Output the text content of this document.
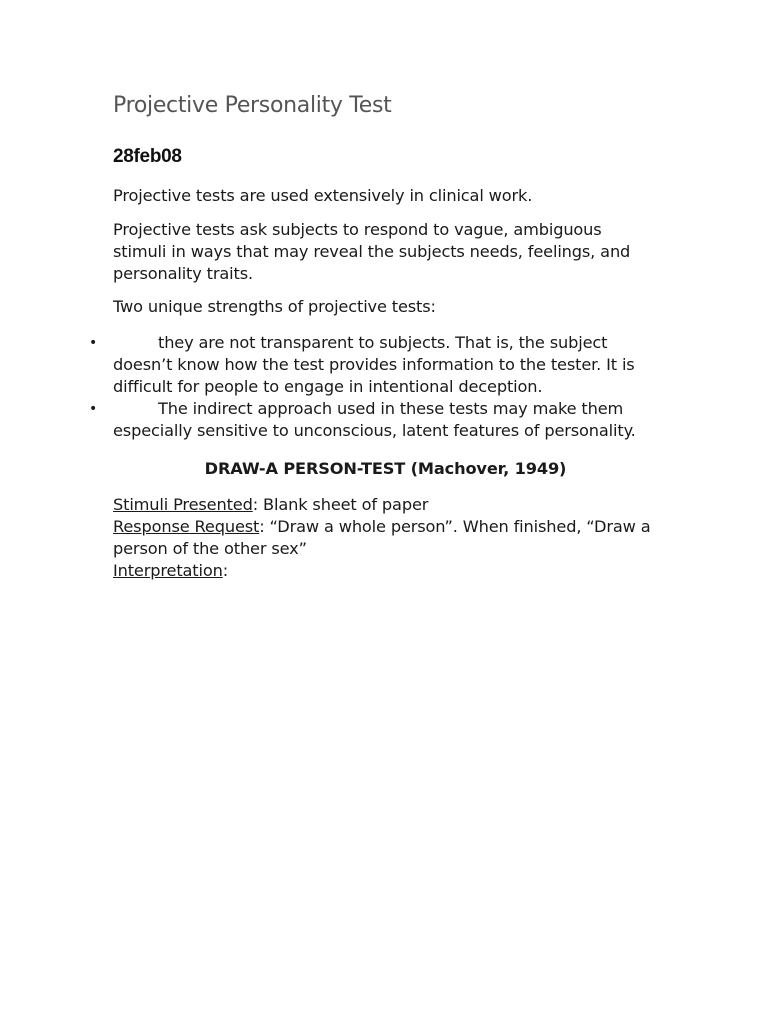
Projective Personality Test
28feb08

Projective tests are used extensively in clinical work.

Projective tests ask subjects to respond to vague, ambiguous stimuli in ways that may reveal the subjects needs, feelings, and personality traits.

Two unique strengths of projective tests:

•	they are not transparent to subjects. That is, the subject doesn’t know how the test provides information to the tester. It is difficult for people to engage in intentional deception.
•	The indirect approach used in these tests may make them especially sensitive to unconscious, latent features of personality.
DRAW-A PERSON-TEST (Machover, 1949)
Stimuli Presented: Blank sheet of paper
Response Request: “Draw a whole person”. When finished, “Draw a person of the other sex”
Interpretation:
